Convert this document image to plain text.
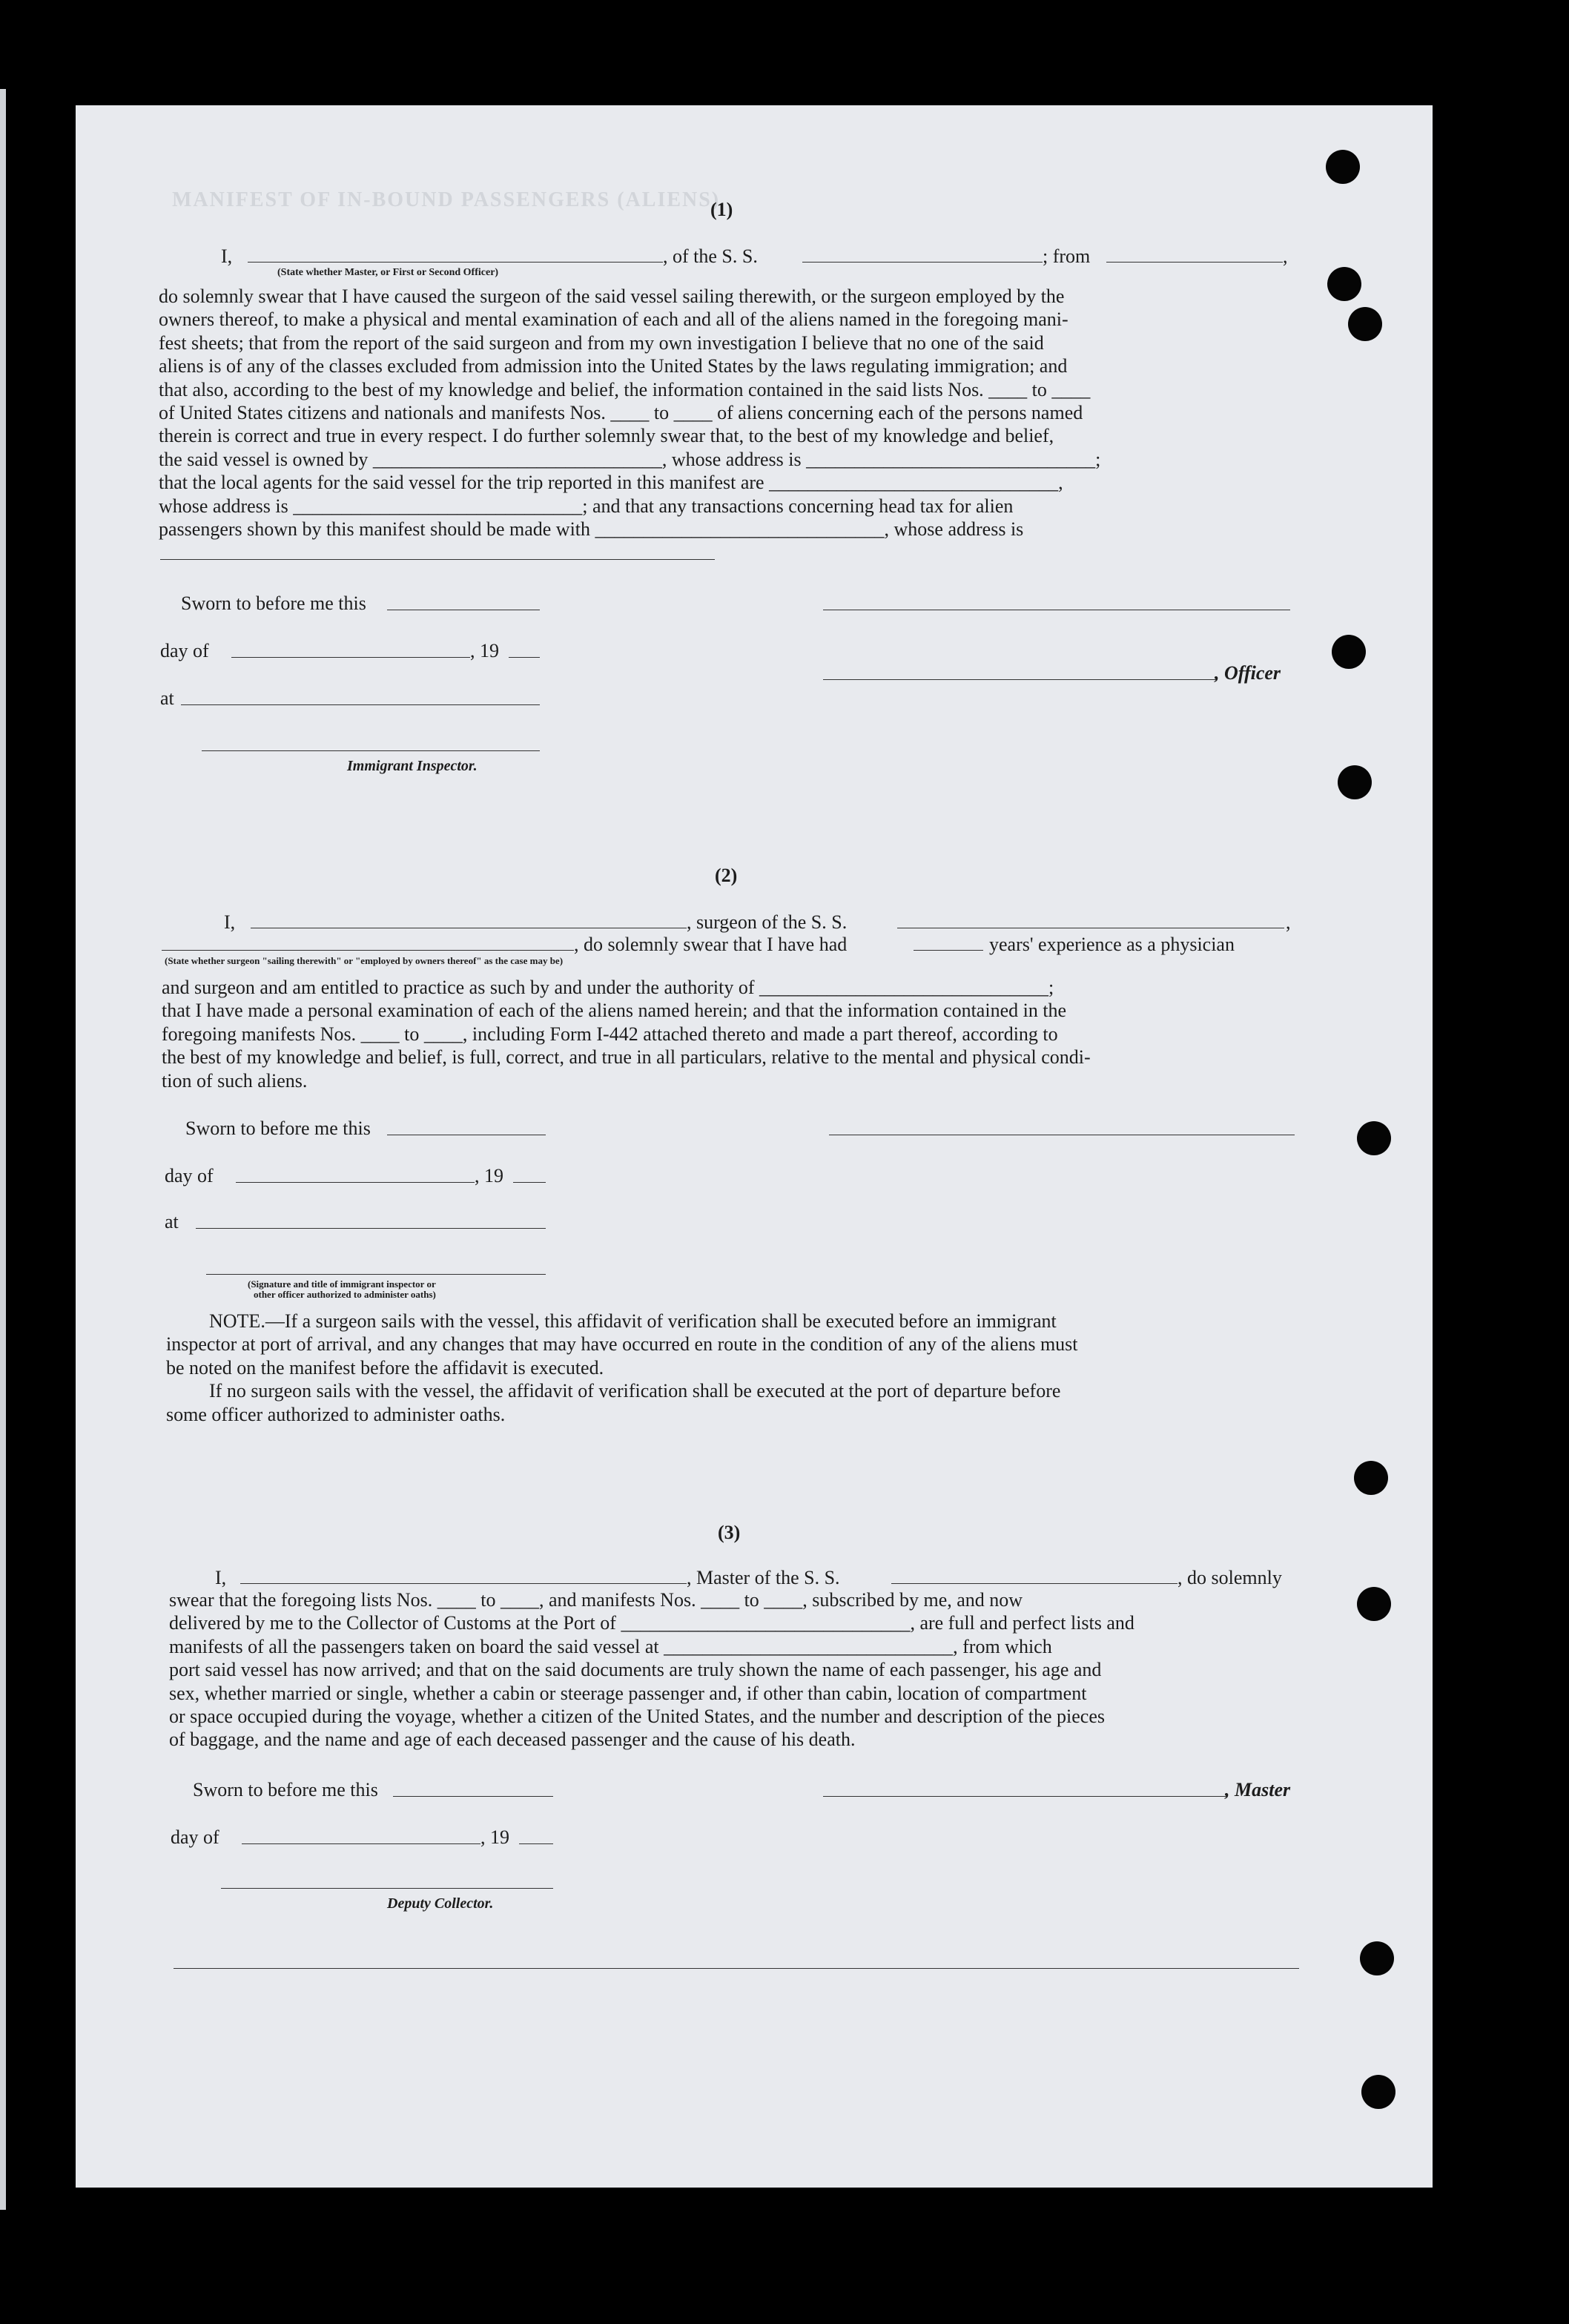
MANIFEST OF IN-BOUND PASSENGERS (ALIENS)
(1)
I,	, of the S. S.	; from	,
(State whether Master, or First or Second Officer)

do solemnly swear that I have caused the surgeon of the said vessel sailing therewith, or the surgeon employed by the

owners thereof, to make a physical and mental examination of each and all of the aliens named in the foregoing mani-

fest sheets; that from the report of the said surgeon and from my own investigation I believe that no one of the said

aliens is of any of the classes excluded from admission into the United States by the laws regulating immigration; and

that also, according to the best of my knowledge and belief, the information contained in the said lists Nos. ____ to ____

of United States citizens and nationals and manifests Nos. ____ to ____ of aliens concerning each of the persons named

therein is correct and true in every respect. I do further solemnly swear that, to the best of my knowledge and belief,

the said vessel is owned by ______________________________, whose address is ______________________________;

that the local agents for the said vessel for the trip reported in this manifest are ______________________________,

whose address is ______________________________; and that any transactions concerning head tax for alien

passengers shown by this manifest should be made with ______________________________, whose address is

Sworn to before me this
day of	, 19
, Officer
at
Immigrant Inspector.
(2)
I,	, surgeon of the S. S.	,
, do solemnly swear that I have had	years' experience as a physician
(State whether surgeon "sailing therewith" or "employed by owners thereof" as the case may be)

and surgeon and am entitled to practice as such by and under the authority of ______________________________;

that I have made a personal examination of each of the aliens named herein; and that the information contained in the

foregoing manifests Nos. ____ to ____, including Form I-442 attached thereto and made a part thereof, according to

the best of my knowledge and belief, is full, correct, and true in all particulars, relative to the mental and physical condi-

tion of such aliens.

Sworn to before me this
day of	, 19
at
(Signature and title of immigrant inspector or
other officer authorized to administer oaths)

NOTE.—If a surgeon sails with the vessel, this affidavit of verification shall be executed before an immigrant

inspector at port of arrival, and any changes that may have occurred en route in the condition of any of the aliens must

be noted on the manifest before the affidavit is executed.

If no surgeon sails with the vessel, the affidavit of verification shall be executed at the port of departure before

some officer authorized to administer oaths.

(3)
I,	, Master of the S. S.	, do solemnly

swear that the foregoing lists Nos. ____ to ____, and manifests Nos. ____ to ____, subscribed by me, and now

delivered by me to the Collector of Customs at the Port of ______________________________, are full and perfect lists and

manifests of all the passengers taken on board the said vessel at ______________________________, from which

port said vessel has now arrived; and that on the said documents are truly shown the name of each passenger, his age and

sex, whether married or single, whether a cabin or steerage passenger and, if other than cabin, location of compartment

or space occupied during the voyage, whether a citizen of the United States, and the number and description of the pieces

of baggage, and the name and age of each deceased passenger and the cause of his death.

Sworn to before me this	, Master
day of	, 19
Deputy Collector.
